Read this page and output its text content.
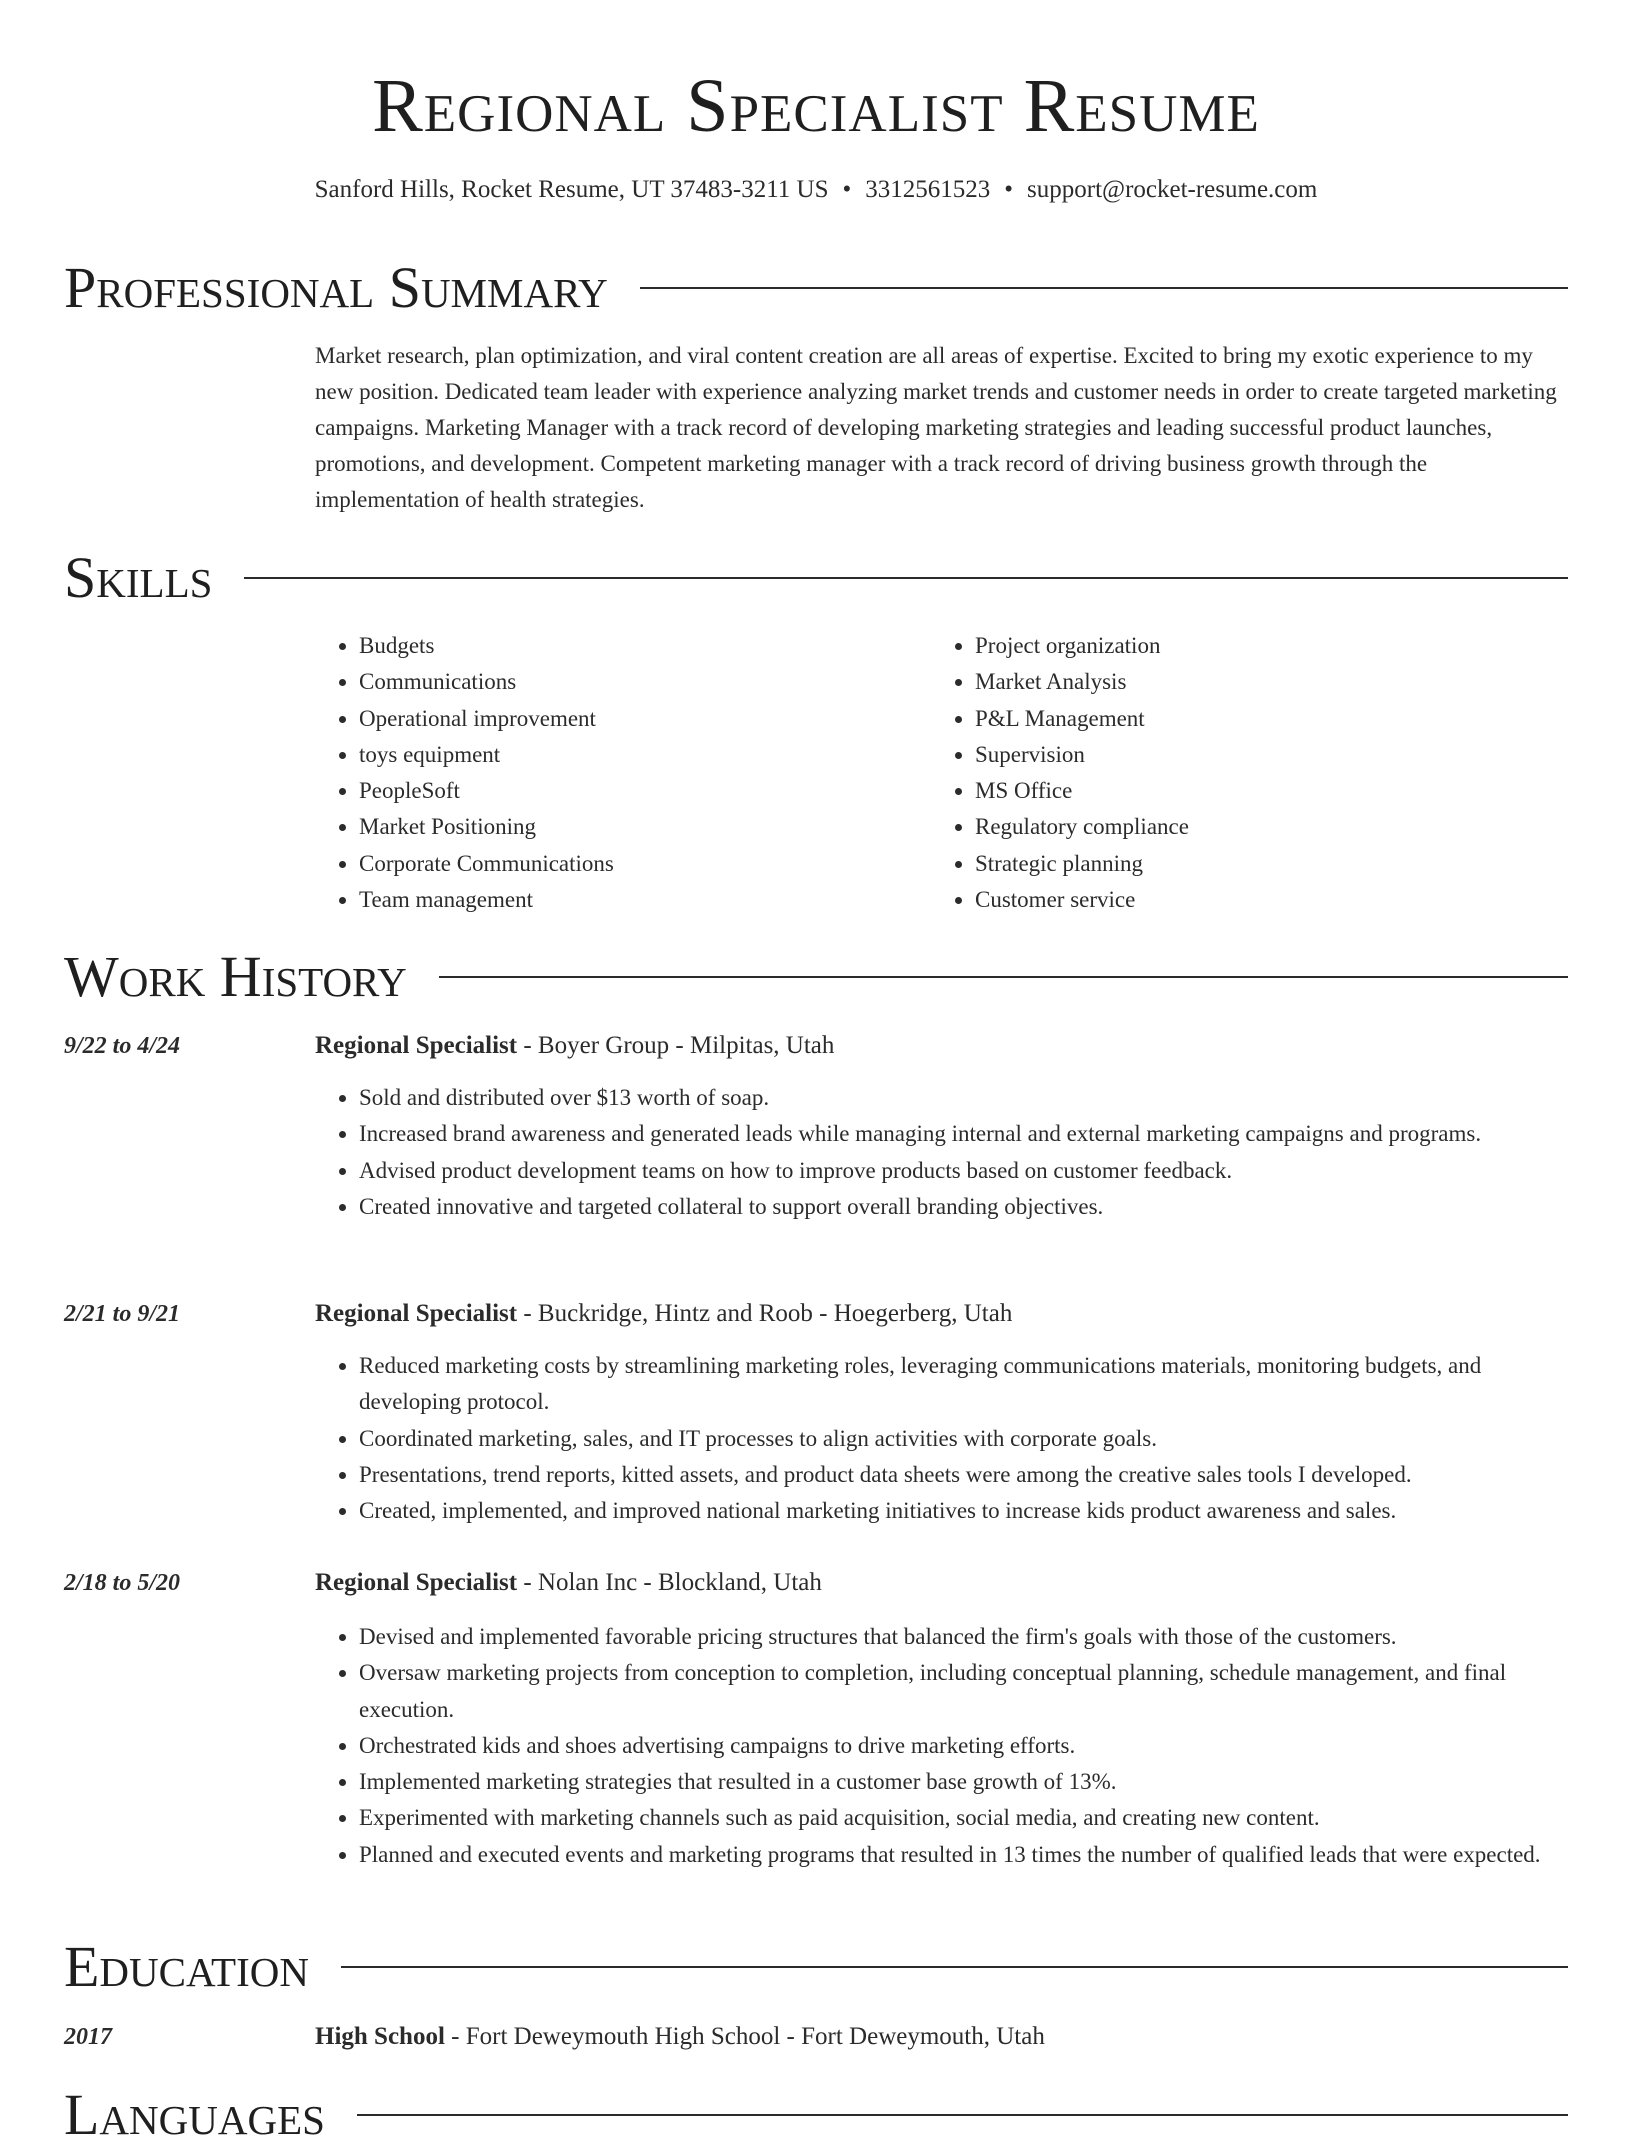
Regional Specialist Resume
Sanford Hills, Rocket Resume, UT 37483-3211 US • 3312561523 • support@rocket-resume.com
Professional Summary

Market research, plan optimization, and viral content creation are all areas of expertise. Excited to bring my exotic experience to my new position. Dedicated team leader with experience analyzing market trends and customer needs in order to create targeted marketing campaigns. Marketing Manager with a track record of developing marketing strategies and leading successful product launches, promotions, and development. Competent marketing manager with a track record of driving business growth through the implementation of health strategies.

Skills
• Budgets
• Communications
• Operational improvement
• toys equipment
• PeopleSoft
• Market Positioning
• Corporate Communications
• Team management
• Project organization
• Market Analysis
• P&L Management
• Supervision
• MS Office
• Regulatory compliance
• Strategic planning
• Customer service
Work History
9/22 to 4/24	Regional Specialist - Boyer Group - Milpitas, Utah
• Sold and distributed over $13 worth of soap.
• Increased brand awareness and generated leads while managing internal and external marketing campaigns and programs.
• Advised product development teams on how to improve products based on customer feedback.
• Created innovative and targeted collateral to support overall branding objectives.
2/21 to 9/21	Regional Specialist - Buckridge, Hintz and Roob - Hoegerberg, Utah
• Reduced marketing costs by streamlining marketing roles, leveraging communications materials, monitoring budgets, and developing protocol.
• Coordinated marketing, sales, and IT processes to align activities with corporate goals.
• Presentations, trend reports, kitted assets, and product data sheets were among the creative sales tools I developed.
• Created, implemented, and improved national marketing initiatives to increase kids product awareness and sales.
2/18 to 5/20	Regional Specialist - Nolan Inc - Blockland, Utah
• Devised and implemented favorable pricing structures that balanced the firm's goals with those of the customers.
• Oversaw marketing projects from conception to completion, including conceptual planning, schedule management, and final execution.
• Orchestrated kids and shoes advertising campaigns to drive marketing efforts.
• Implemented marketing strategies that resulted in a customer base growth of 13%.
• Experimented with marketing channels such as paid acquisition, social media, and creating new content.
• Planned and executed events and marketing programs that resulted in 13 times the number of qualified leads that were expected.
Education
2017	High School - Fort Deweymouth High School - Fort Deweymouth, Utah
Languages
